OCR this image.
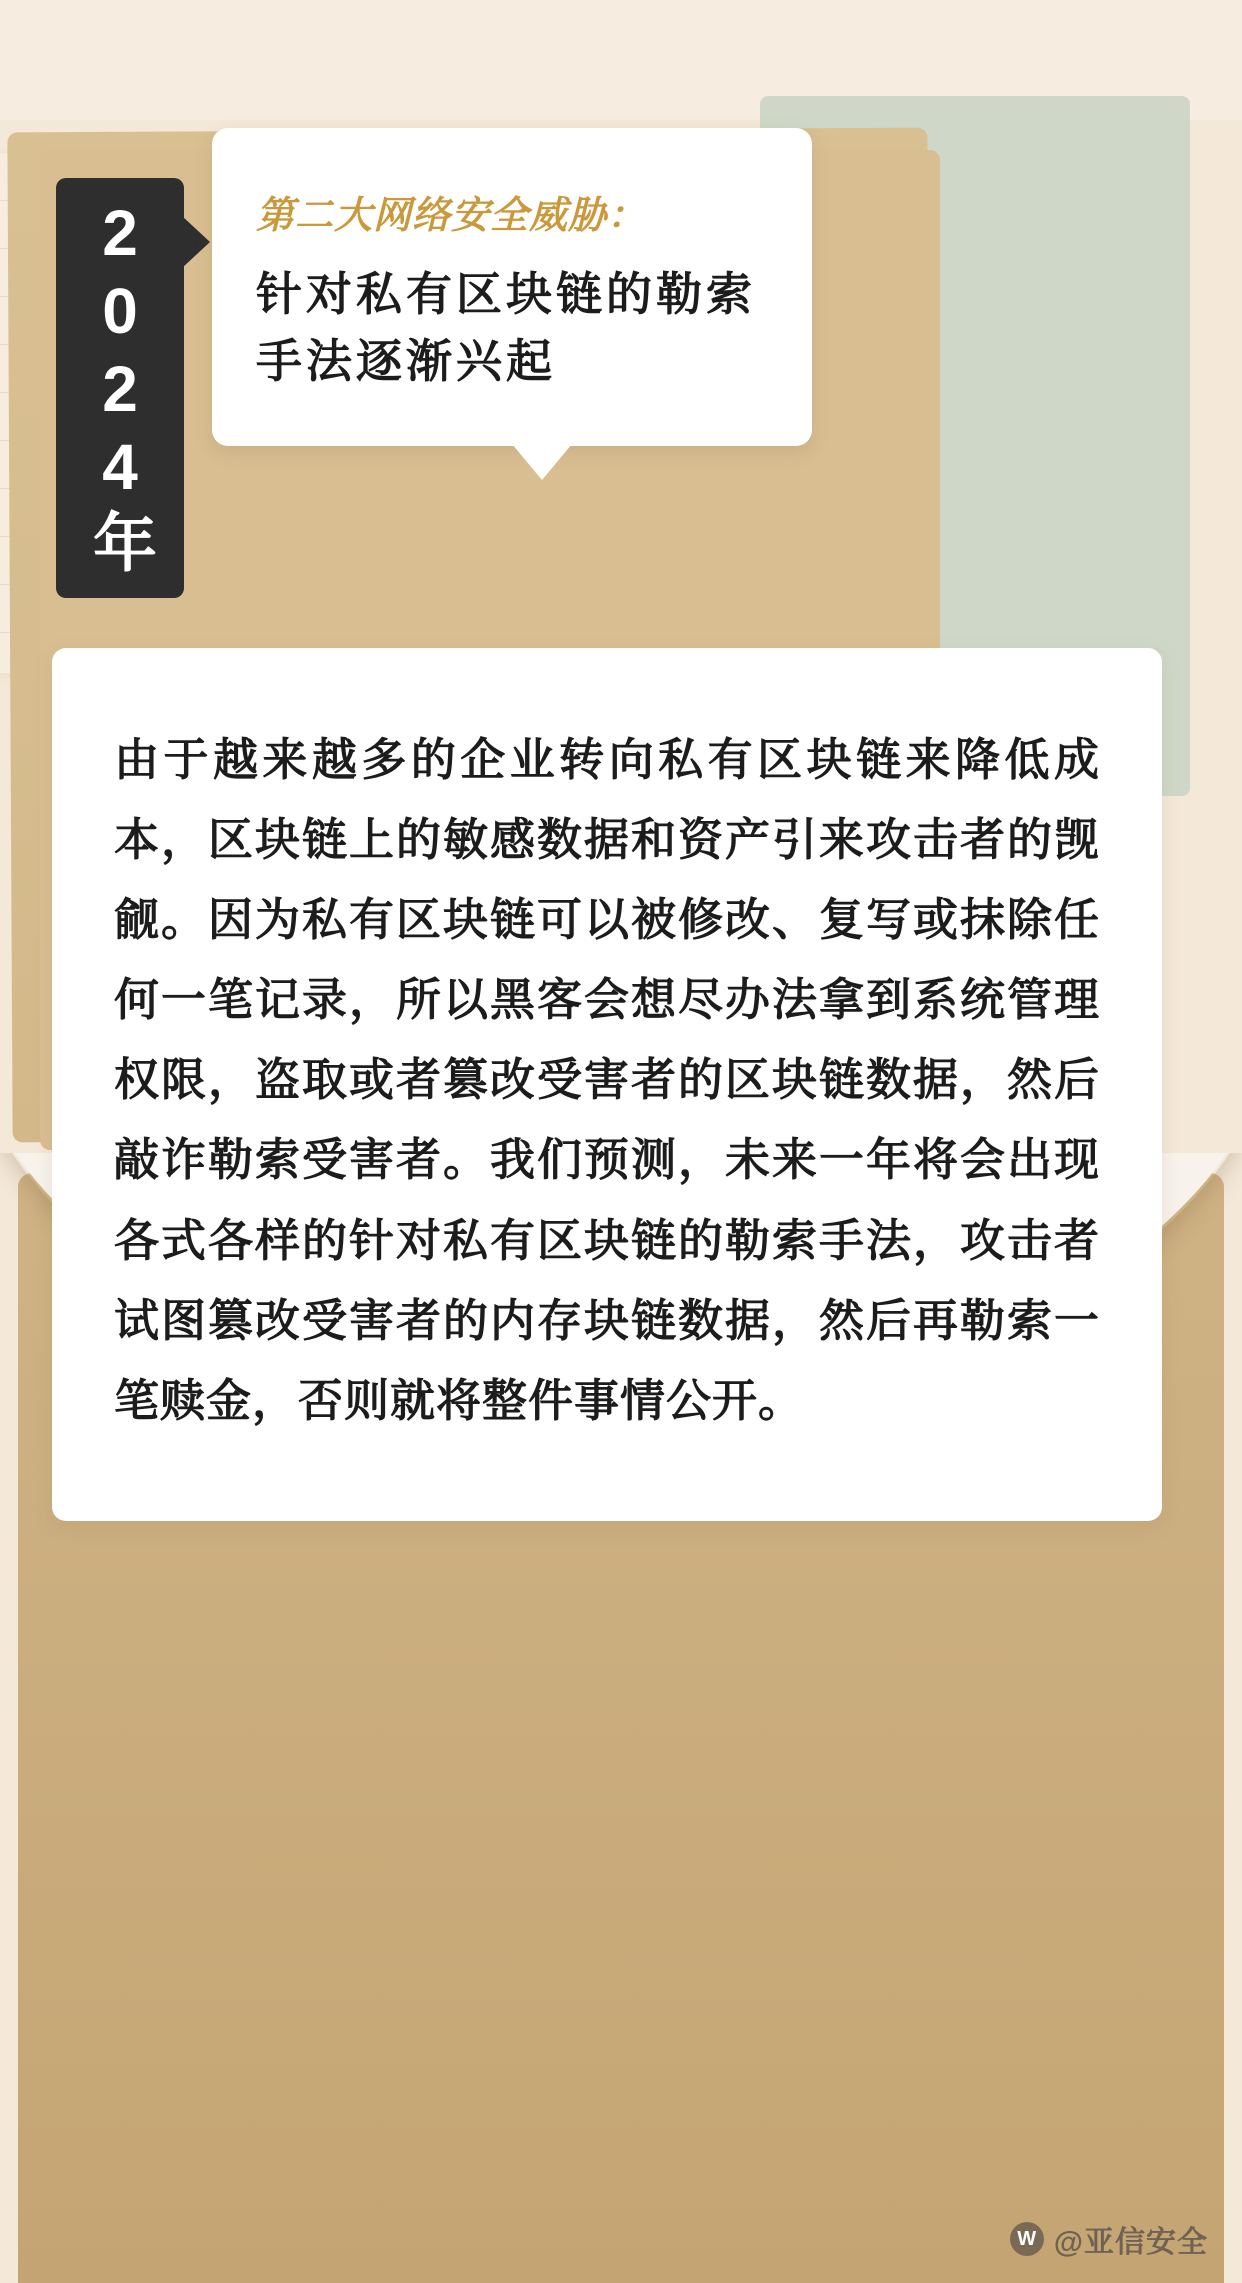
2024年	第二大网络安全威胁：

针对私有区块链的勒索手法逐渐兴起

由于越来越多的企业转向私有区块链来降低成本，区块链上的敏感数据和资产引来攻击者的觊觎。因为私有区块链可以被修改、复写或抹除任何一笔记录，所以黑客会想尽办法拿到系统管理权限，盗取或者篡改受害者的区块链数据，然后敲诈勒索受害者。我们预测，未来一年将会出现各式各样的针对私有区块链的勒索手法，攻击者试图篡改受害者的内存块链数据，然后再勒索一笔赎金，否则就将整件事情公开。

W @亚信安全
